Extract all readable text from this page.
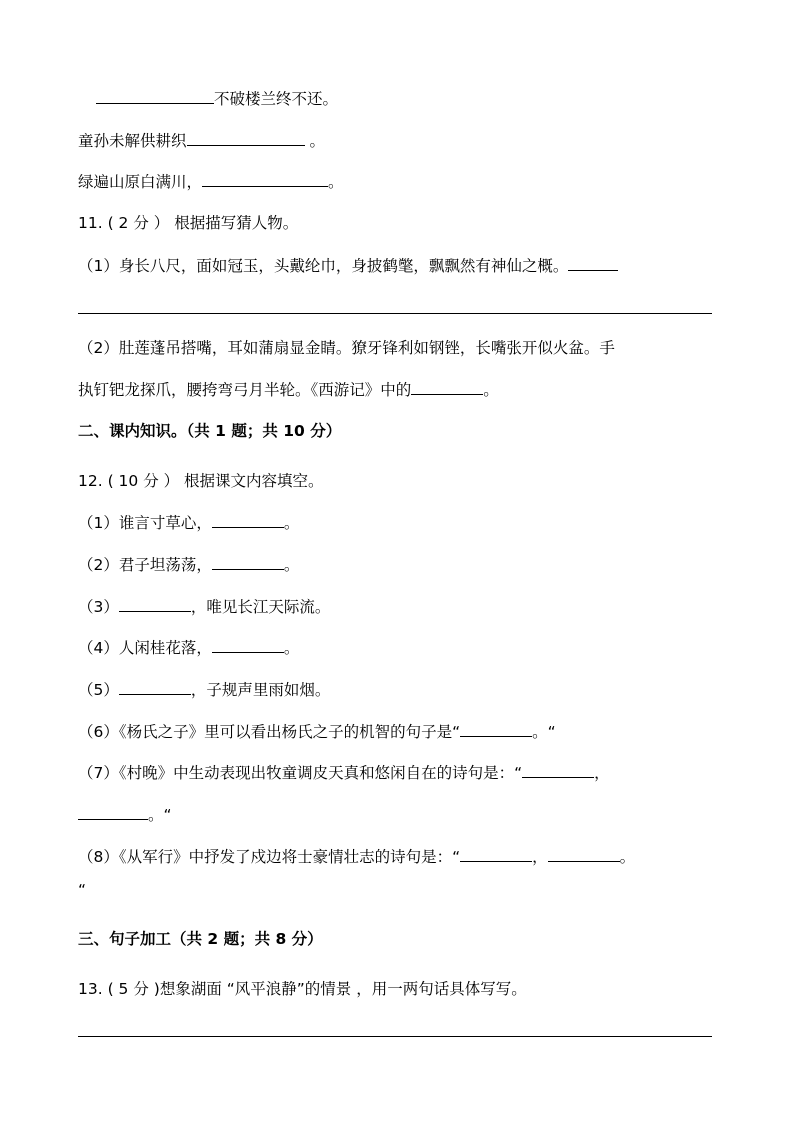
不破楼兰终不还。
童孙未解供耕织	。
绿遍山原白满川，	。
11. ( 2 分 ） 根据描写猜人物。
（1）身长八尺，面如冠玉，头戴纶巾，身披鹤氅，飘飘然有神仙之概。
（2）肚莲蓬吊搭嘴，耳如蒲扇显金睛。獠牙锋利如钢锉，长嘴张开似火盆。手
执钉钯龙探爪，腰挎弯弓月半轮。《西游记》中的	。
二、课内知识。（共 1 题；共 10 分）
12. ( 10 分 ） 根据课文内容填空。
（1）谁言寸草心，	。
（2）君子坦荡荡，	。
（3）	，唯见长江天际流。
（4）人闲桂花落，	。
（5）	，子规声里雨如烟。
（6）《杨氏之子》里可以看出杨氏之子的机智的句子是“	。“
（7）《村晚》中生动表现出牧童调皮天真和悠闲自在的诗句是：“	，
。“
（8）《从军行》中抒发了戍边将士豪情壮志的诗句是：“	，	。
“
三、句子加工（共 2 题；共 8 分）
13. ( 5 分 )想象湖面 “风平浪静”的情景 ，用一两句话具体写写。
